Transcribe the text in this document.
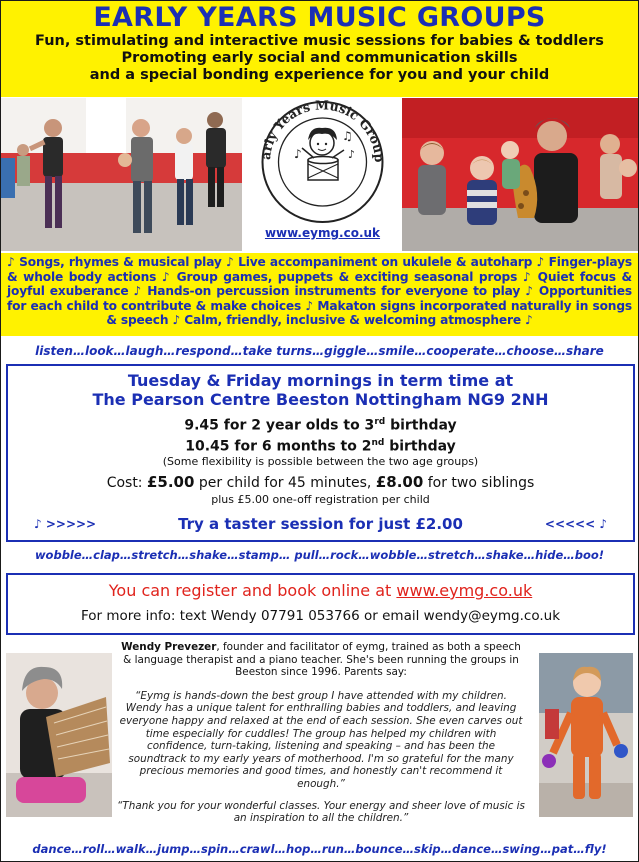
EARLY YEARS MUSIC GROUPS
Fun, stimulating and interactive music sessions for babies & toddlers
Promoting early social and communication skills
and a special bonding experience for you and your child
arly Years Music Group
♪
♫
♪
www.eymg.co.uk
♪ Songs, rhymes & musical play ♪ Live accompaniment on ukulele & autoharp ♪ Finger-plays & whole body actions ♪ Group games, puppets & exciting seasonal props ♪ Quiet focus & joyful exuberance ♪ Hands-on percussion instruments for everyone to play ♪ Opportunities for each child to contribute & make choices ♪ Makaton signs incorporated naturally in songs & speech ♪ Calm, friendly, inclusive & welcoming atmosphere ♪
listen…look…laugh…respond…take turns…giggle…smile…cooperate…choose…share
Tuesday & Friday mornings in term time at
The Pearson Centre Beeston Nottingham NG9 2NH
9.45 for 2 year olds to 3rd birthday
10.45 for 6 months to 2nd birthday
(Some flexibility is possible between the two age groups)
Cost: £5.00 per child for 45 minutes, £8.00 for two siblings
plus £5.00 one-off registration per child
♪ >>>>>	Try a taster session for just £2.00	<<<<< ♪
wobble…clap…stretch…shake…stamp… pull…rock…wobble…stretch…shake…hide…boo!
You can register and book online at www.eymg.co.uk
For more info: text Wendy 07791 053766 or email wendy@eymg.co.uk
Wendy Prevezer, founder and facilitator of eymg, trained as both a speech & language therapist and a piano teacher. She's been running the groups in Beeston since 1996. Parents say:
“Eymg is hands-down the best group I have attended with my children. Wendy has a unique talent for enthralling babies and toddlers, and leaving everyone happy and relaxed at the end of each session. She even carves out time especially for cuddles! The group has helped my children with confidence, turn-taking, listening and speaking – and has been the soundtrack to my early years of motherhood. I'm so grateful for the many precious memories and good times, and honestly can't recommend it enough.”
“Thank you for your wonderful classes. Your energy and sheer love of music is an inspiration to all the children.”
dance…roll…walk…jump…spin…crawl…hop…run…bounce…skip…dance…swing…pat…fly!
